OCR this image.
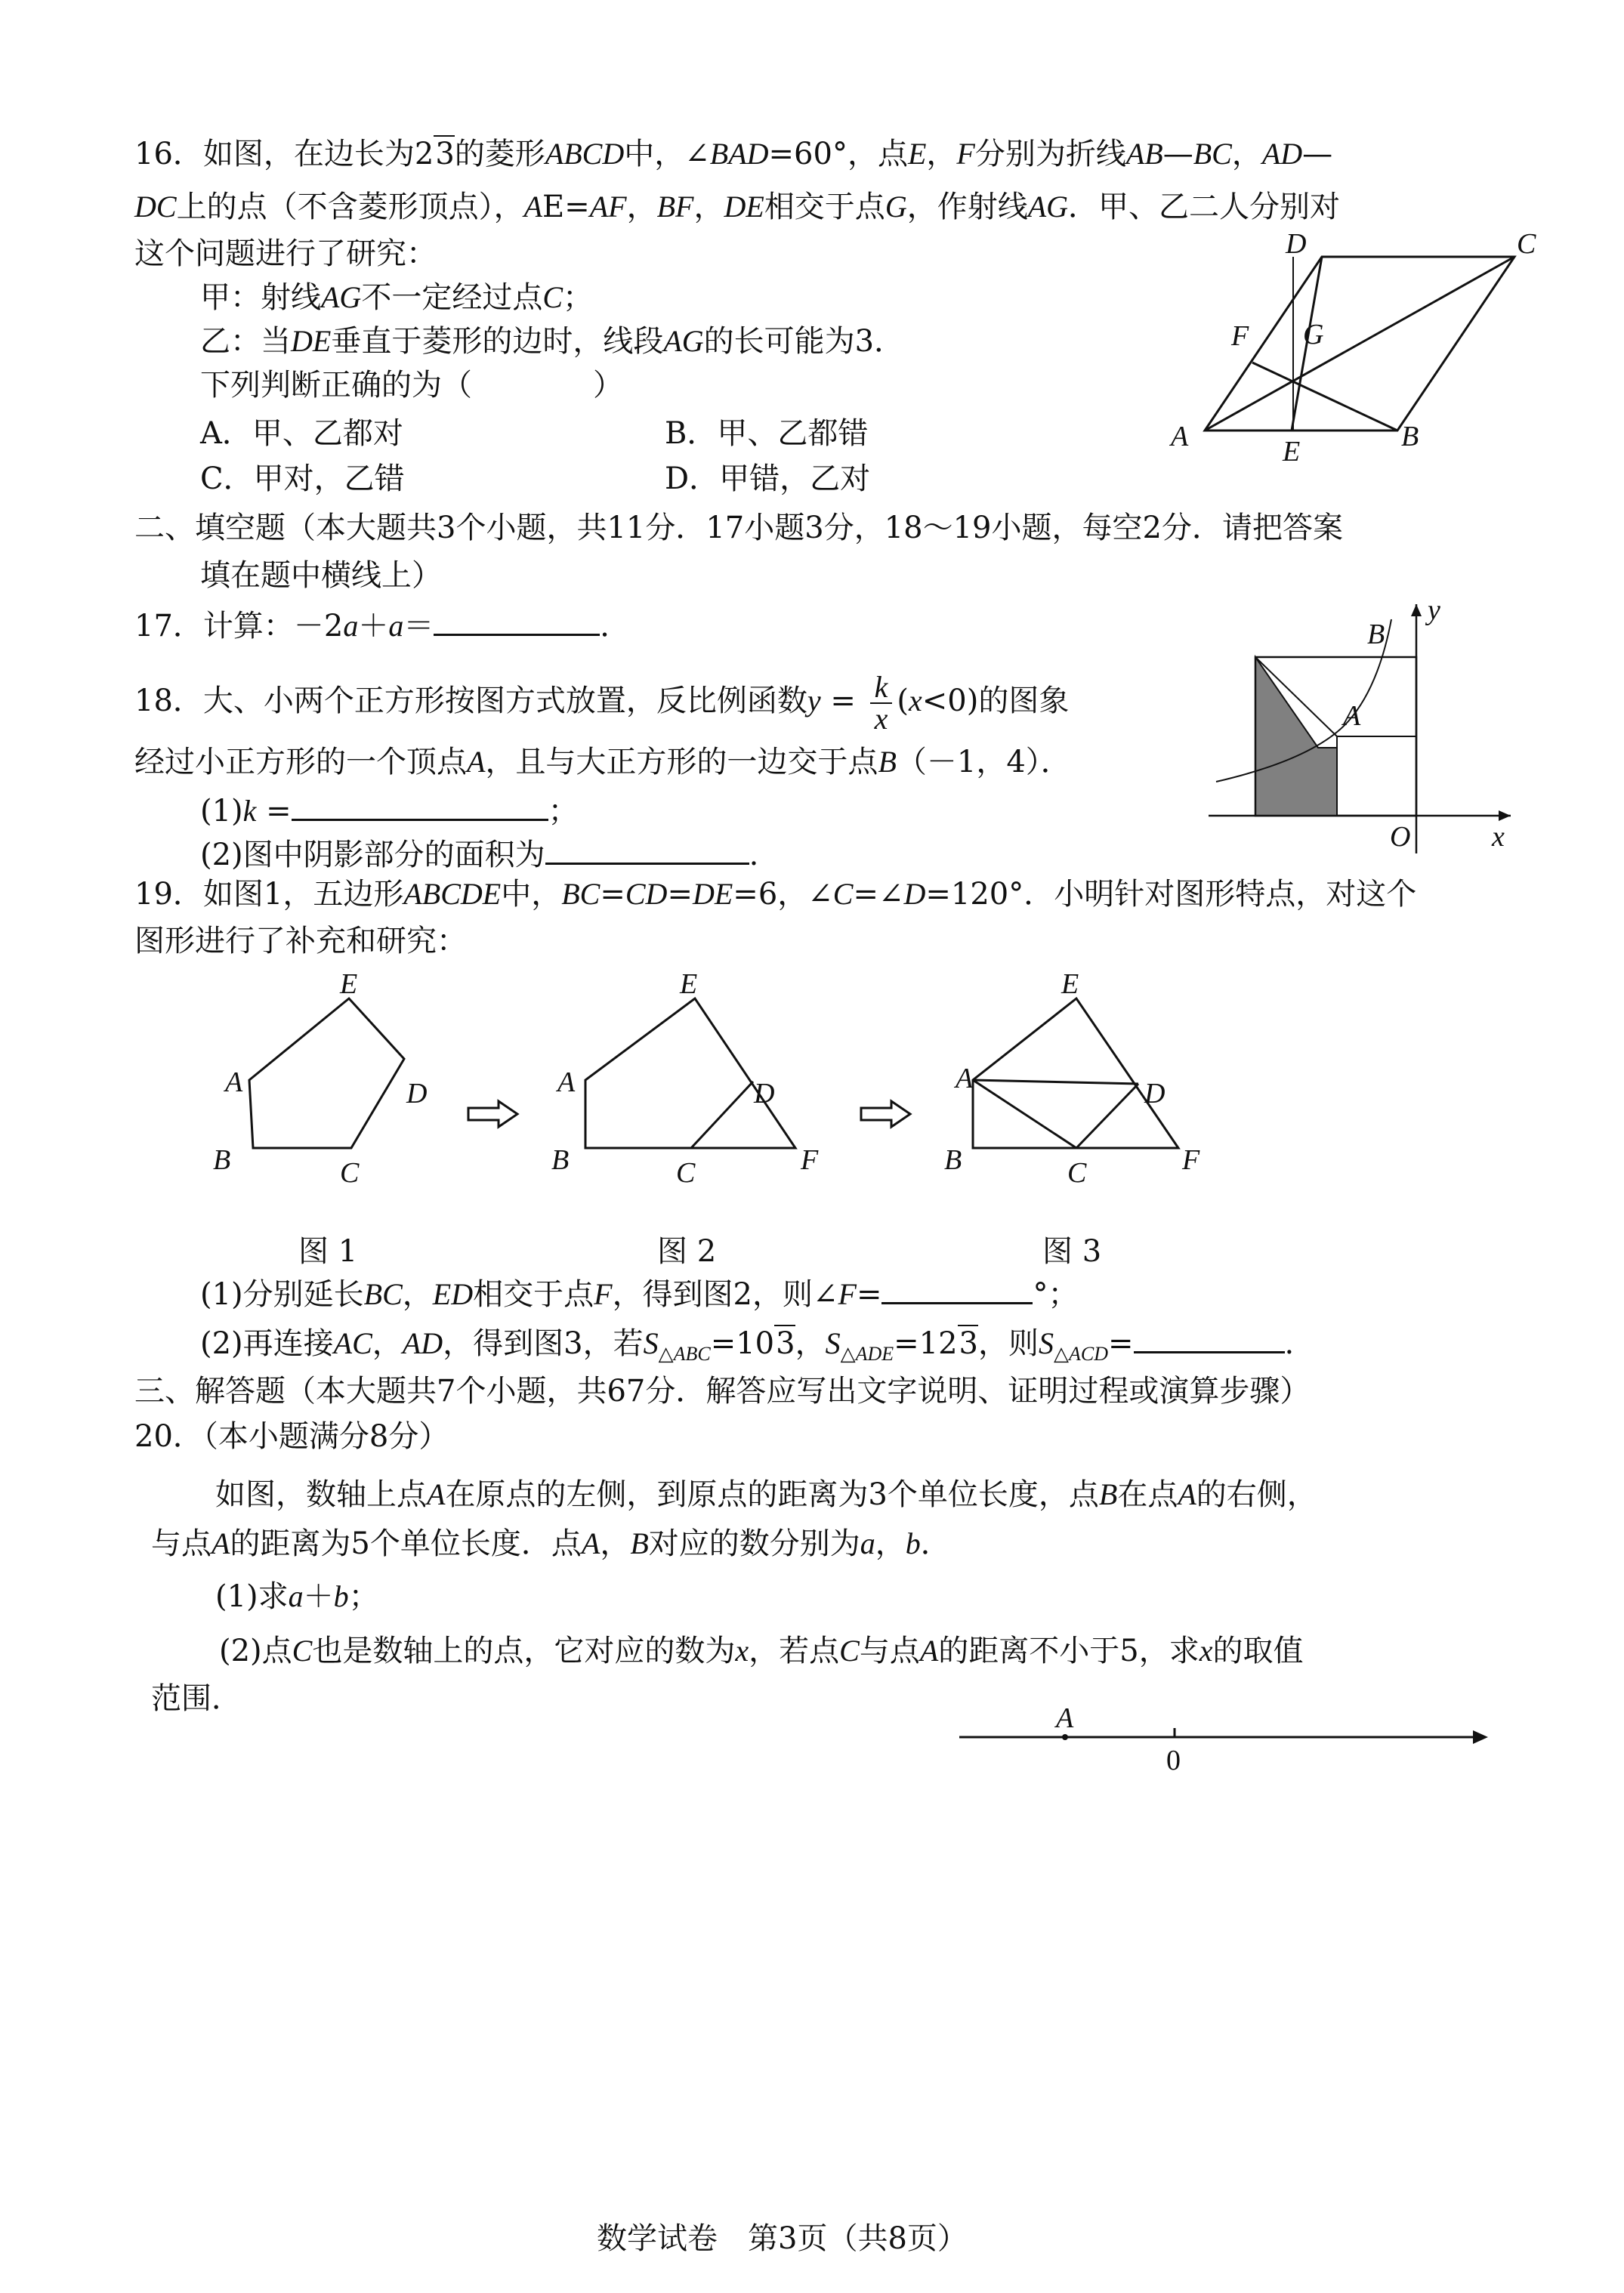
16．如图，在边长为23的菱形ABCD中，∠BAD=60°，点E，F分别为折线AB—BC，AD—
DC上的点（不含菱形顶点），AE=AF，BF，DE相交于点G，作射线AG．甲、乙二人分别对
这个问题进行了研究：
甲：射线AG不一定经过点C；
乙：当DE垂直于菱形的边时，线段AG的长可能为3．
下列判断正确的为（　　　　）
A．甲、乙都对	B．甲、乙都错
C．甲对，乙错	D．甲错，乙对
A	B
C
D
E
F G
二、填空题（本大题共3个小题，共11分．17小题3分，18～19小题，每空2分．请把答案
填在题中横线上）
17．计算：－2a＋a＝	．
18．大、小两个正方形按图方式放置，反比例函数$y = \frac{k}{x} (x<0)$的图象
经过小正方形的一个顶点A，且与大正方形的一边交于点B（－1，4）．
(1)k =	；
(2)图中阴影部分的面积为	.
A
B
O	x
y
19．如图1，五边形ABCDE中，BC=CD=DE=6，∠C=∠D=120°．小明针对图形特点，对这个
图形进行了补充和研究：
A
B	C
D
E
A
B	C
D
E
F
A
B	C
D
E
F
图 1	图 2	图 3
(1)分别延长BC，ED相交于点F，得到图2，则∠F=	°；
(2)再连接AC，AD，得到图3，若$S_{\triangle ABC}=103$，$S_{\triangle ADE}=123$，则$S_{\triangle ACD}=$	.
三、解答题（本大题共7个小题，共67分．解答应写出文字说明、证明过程或演算步骤）
20．（本小题满分8分）
如图，数轴上点A在原点的左侧，到原点的距离为3个单位长度，点B在点A的右侧，
与点A的距离为5个单位长度．点A，B对应的数分别为a，b．
(1)求a＋b；
(2)点C也是数轴上的点，它对应的数为x，若点C与点A的距离不小于5，求x的取值
范围．
A
0
数学试卷　第3页（共8页）
